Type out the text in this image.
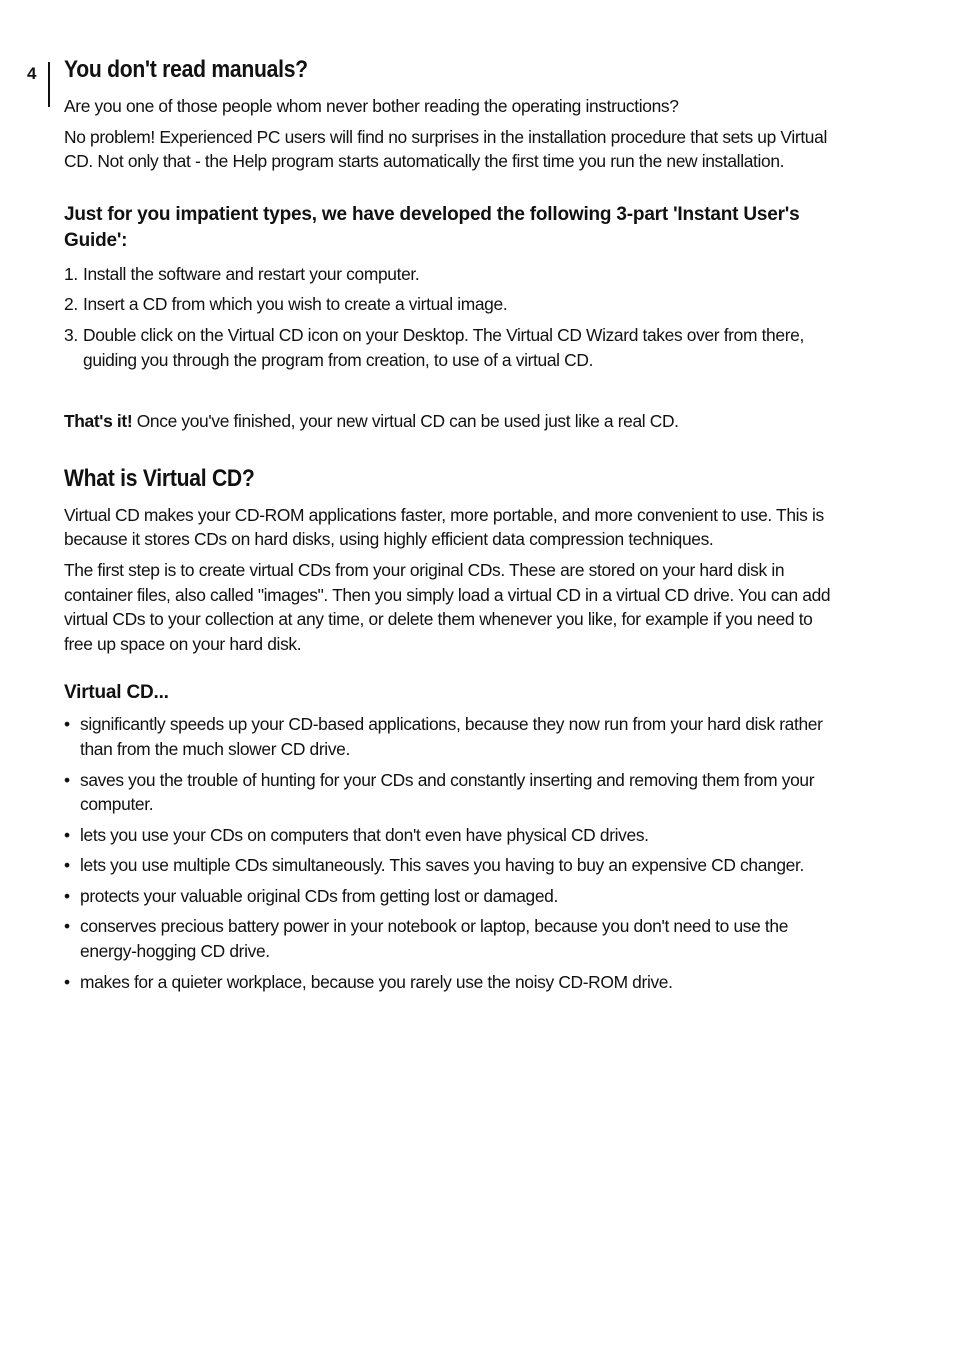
4 You don't read manuals?

Are you one of those people whom never bother reading the operating instructions?

No problem! Experienced PC users will find no surprises in the installation procedure that sets up Virtual CD. Not only that - the Help program starts automatically the first time you run the new installation.

Just for you impatient types, we have developed the following 3-part 'Instant User's Guide':
1. Install the software and restart your computer.
2. Insert a CD from which you wish to create a virtual image.
3. Double click on the Virtual CD icon on your Desktop. The Virtual CD Wizard takes over from there, guiding you through the program from creation, to use of a virtual CD.

That's it! Once you've finished, your new virtual CD can be used just like a real CD.

What is Virtual CD?

Virtual CD makes your CD-ROM applications faster, more portable, and more convenient to use. This is because it stores CDs on hard disks, using highly efficient data compression techniques.

The first step is to create virtual CDs from your original CDs. These are stored on your hard disk in container files, also called "images". Then you simply load a virtual CD in a virtual CD drive. You can add virtual CDs to your collection at any time, or delete them whenever you like, for example if you need to free up space on your hard disk.

Virtual CD...
• significantly speeds up your CD-based applications, because they now run from your hard disk rather than from the much slower CD drive.
• saves you the trouble of hunting for your CDs and constantly inserting and removing them from your computer.
• lets you use your CDs on computers that don't even have physical CD drives.
• lets you use multiple CDs simultaneously. This saves you having to buy an expensive CD changer.
• protects your valuable original CDs from getting lost or damaged.
• conserves precious battery power in your notebook or laptop, because you don't need to use the energy-hogging CD drive.
• makes for a quieter workplace, because you rarely use the noisy CD-ROM drive.
